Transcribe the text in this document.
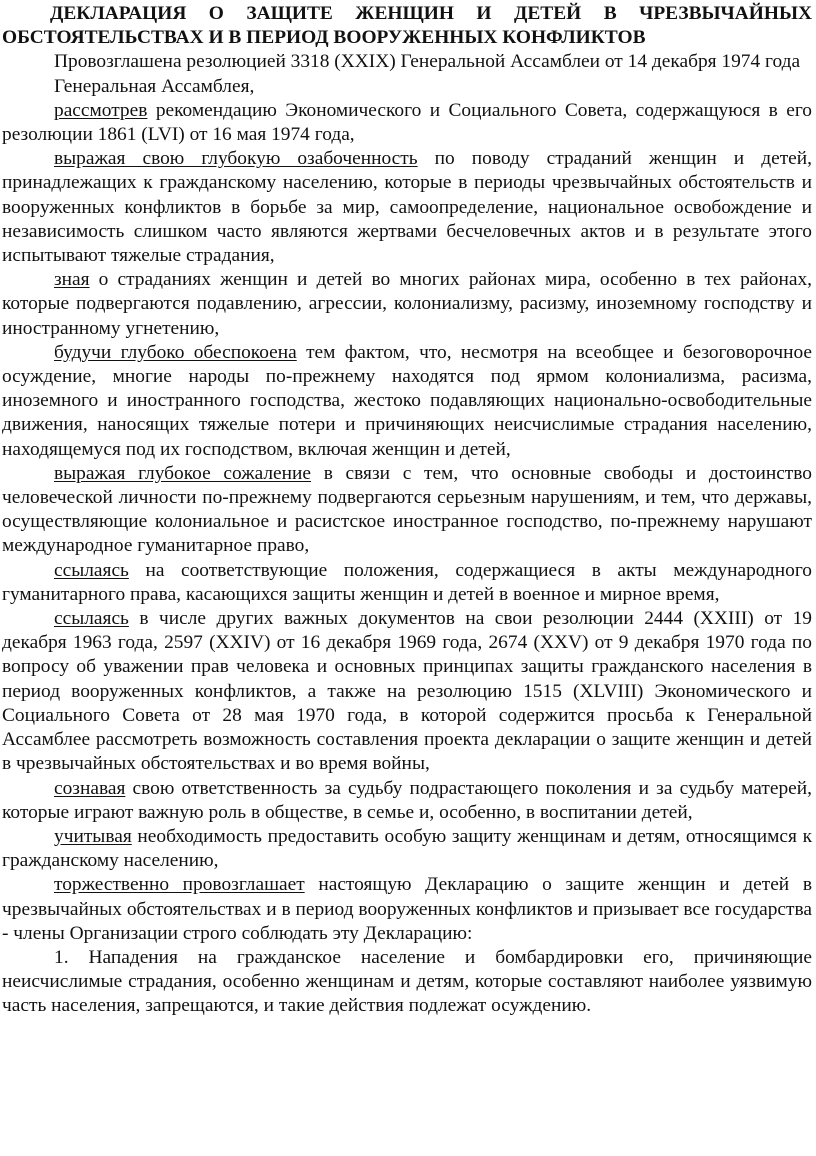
ДЕКЛАРАЦИЯ О ЗАЩИТЕ ЖЕНЩИН И ДЕТЕЙ В ЧРЕЗВЫЧАЙНЫХ
ОБСТОЯТЕЛЬСТВАХ И В ПЕРИОД ВООРУЖЕННЫХ КОНФЛИКТОВ

Провозглашена резолюцией 3318 (XXIX) Генеральной Ассамблеи от 14 декабря 1974 года

Генеральная Ассамблея,

рассмотрев рекомендацию Экономического и Социального Совета, содержащуюся в его резолюции 1861 (LVI) от 16 мая 1974 года,

выражая свою глубокую озабоченность по поводу страданий женщин и детей, принадлежащих к гражданскому населению, которые в периоды чрезвычайных обстоятельств и вооруженных конфликтов в борьбе за мир, самоопределение, национальное освобождение и независимость слишком часто являются жертвами бесчеловечных актов и в результате этого испытывают тяжелые страдания,

зная о страданиях женщин и детей во многих районах мира, особенно в тех районах, которые подвергаются подавлению, агрессии, колониализму, расизму, иноземному господству и иностранному угнетению,

будучи глубоко обеспокоена тем фактом, что, несмотря на всеобщее и безоговорочное осуждение, многие народы по-прежнему находятся под ярмом колониализма, расизма, иноземного и иностранного господства, жестоко подавляющих национально-освободительные движения, наносящих тяжелые потери и причиняющих неисчислимые страдания населению, находящемуся под их господством, включая женщин и детей,

выражая глубокое сожаление в связи с тем, что основные свободы и достоинство человеческой личности по-прежнему подвергаются серьезным нарушениям, и тем, что державы, осуществляющие колониальное и расистское иностранное господство, по-прежнему нарушают международное гуманитарное право,

ссылаясь на соответствующие положения, содержащиеся в акты международного гуманитарного права, касающихся защиты женщин и детей в военное и мирное время,

ссылаясь в числе других важных документов на свои резолюции 2444 (XXIII) от 19 декабря 1963 года, 2597 (XXIV) от 16 декабря 1969 года, 2674 (XXV) от 9 декабря 1970 года по вопросу об уважении прав человека и основных принципах защиты гражданского населения в период вооруженных конфликтов, а также на резолюцию 1515 (XLVIII) Экономического и Социального Совета от 28 мая 1970 года, в которой содержится просьба к Генеральной Ассамблее рассмотреть возможность составления проекта декларации о защите женщин и детей в чрезвычайных обстоятельствах и во время войны,

сознавая свою ответственность за судьбу подрастающего поколения и за судьбу матерей, которые играют важную роль в обществе, в семье и, особенно, в воспитании детей,

учитывая необходимость предоставить особую защиту женщинам и детям, относящимся к гражданскому населению,

торжественно провозглашает настоящую Декларацию о защите женщин и детей в чрезвычайных обстоятельствах и в период вооруженных конфликтов и призывает все государства - члены Организации строго соблюдать эту Декларацию:

1. Нападения на гражданское население и бомбардировки его, причиняющие неисчислимые страдания, особенно женщинам и детям, которые составляют наиболее уязвимую часть населения, запрещаются, и такие действия подлежат осуждению.
